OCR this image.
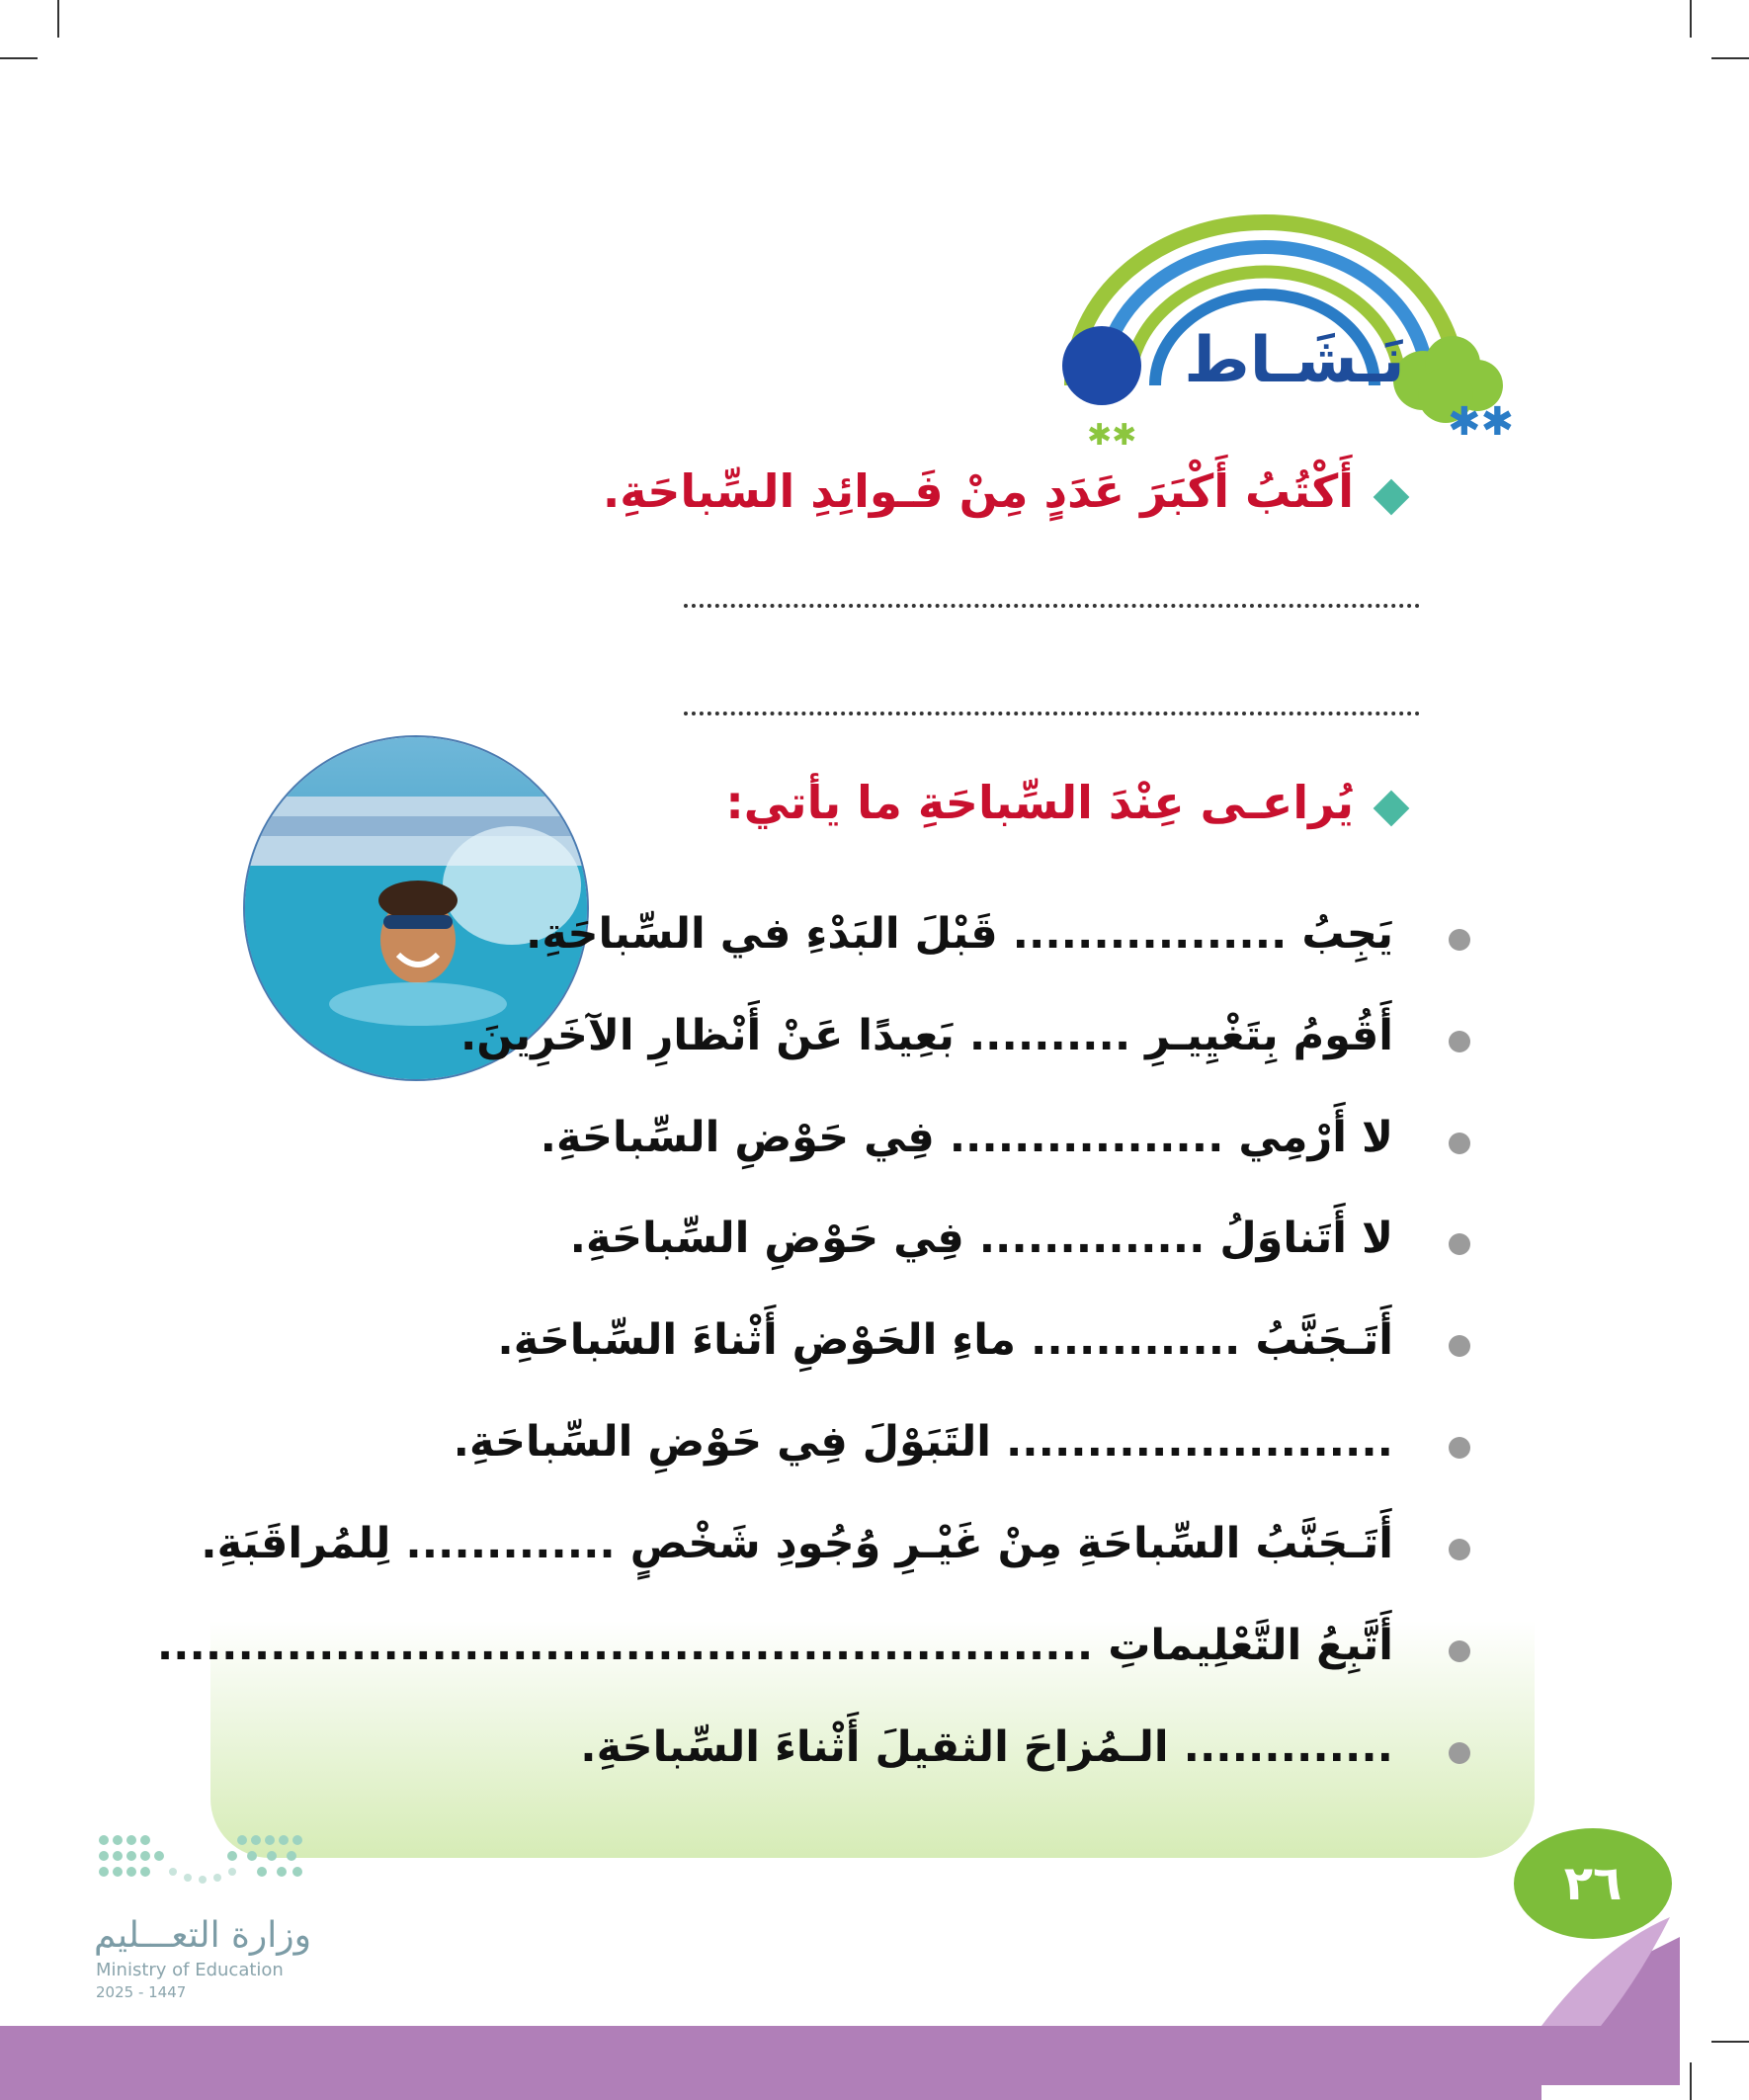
✱✱
✱✱
نَـشَـاط
أَكْتُبُ أَكْبَرَ عَدَدٍ مِنْ فَـوائِدِ السِّباحَةِ.
يُراعـى عِنْدَ السِّباحَةِ ما يأتي:
يَجِبُ ................. قَبْلَ البَدْءِ في السِّباحَةِ.
أَقُومُ بِتَغْيِيـرِ .......... بَعِيدًا عَنْ أَنْظارِ الآخَرِينَ.
لا أَرْمِي ................. فِي حَوْضِ السِّباحَةِ.
لا أَتَناوَلُ .............. فِي حَوْضِ السِّباحَةِ.
أَتَـجَنَّبُ ............. ماءِ الحَوْضِ أَثْناءَ السِّباحَةِ.
........................ التَبَوْلَ فِي حَوْضِ السِّباحَةِ.
أَتَـجَنَّبُ السِّباحَةِ مِنْ غَيْـرِ وُجُودِ شَخْصٍ ............. لِلمُراقَبَةِ.
أَتَّبِعُ التَّعْلِيماتِ ..........................................................
............. الـمُزاحَ الثقيلَ أَثْناءَ السِّباحَةِ.
٢٦
وزارة التعـــليم
Ministry of Education
2025 - 1447
